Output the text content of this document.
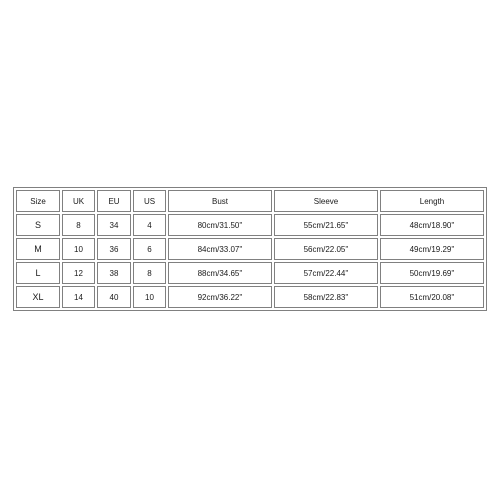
Size	UK	EU	US	Bust	Sleeve	Length
S	8	34	4	80cm/31.50''	55cm/21.65''	48cm/18.90''
M	10	36	6	84cm/33.07''	56cm/22.05''	49cm/19.29''
L	12	38	8	88cm/34.65''	57cm/22.44''	50cm/19.69''
XL	14	40	10	92cm/36.22''	58cm/22.83''	51cm/20.08''
